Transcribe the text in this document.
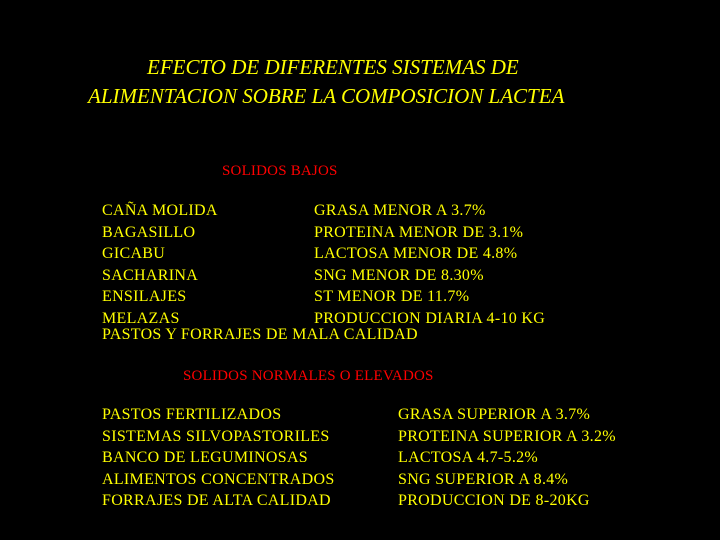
EFECTO DE DIFERENTES SISTEMAS DE
ALIMENTACION SOBRE LA COMPOSICION LACTEA
SOLIDOS BAJOS
CAÑA MOLIDA
BAGASILLO
GICABU
SACHARINA
ENSILAJES
MELAZAS
GRASA MENOR A 3.7%
PROTEINA MENOR DE 3.1%
LACTOSA MENOR DE 4.8%
SNG MENOR DE 8.30%
ST MENOR DE 11.7%
PRODUCCION DIARIA 4-10 KG
PASTOS Y FORRAJES DE MALA CALIDAD
SOLIDOS NORMALES O ELEVADOS
PASTOS FERTILIZADOS
SISTEMAS SILVOPASTORILES
BANCO DE LEGUMINOSAS
ALIMENTOS CONCENTRADOS
FORRAJES DE ALTA CALIDAD
GRASA SUPERIOR A 3.7%
PROTEINA SUPERIOR A 3.2%
LACTOSA 4.7-5.2%
SNG SUPERIOR A 8.4%
PRODUCCION DE 8-20KG
